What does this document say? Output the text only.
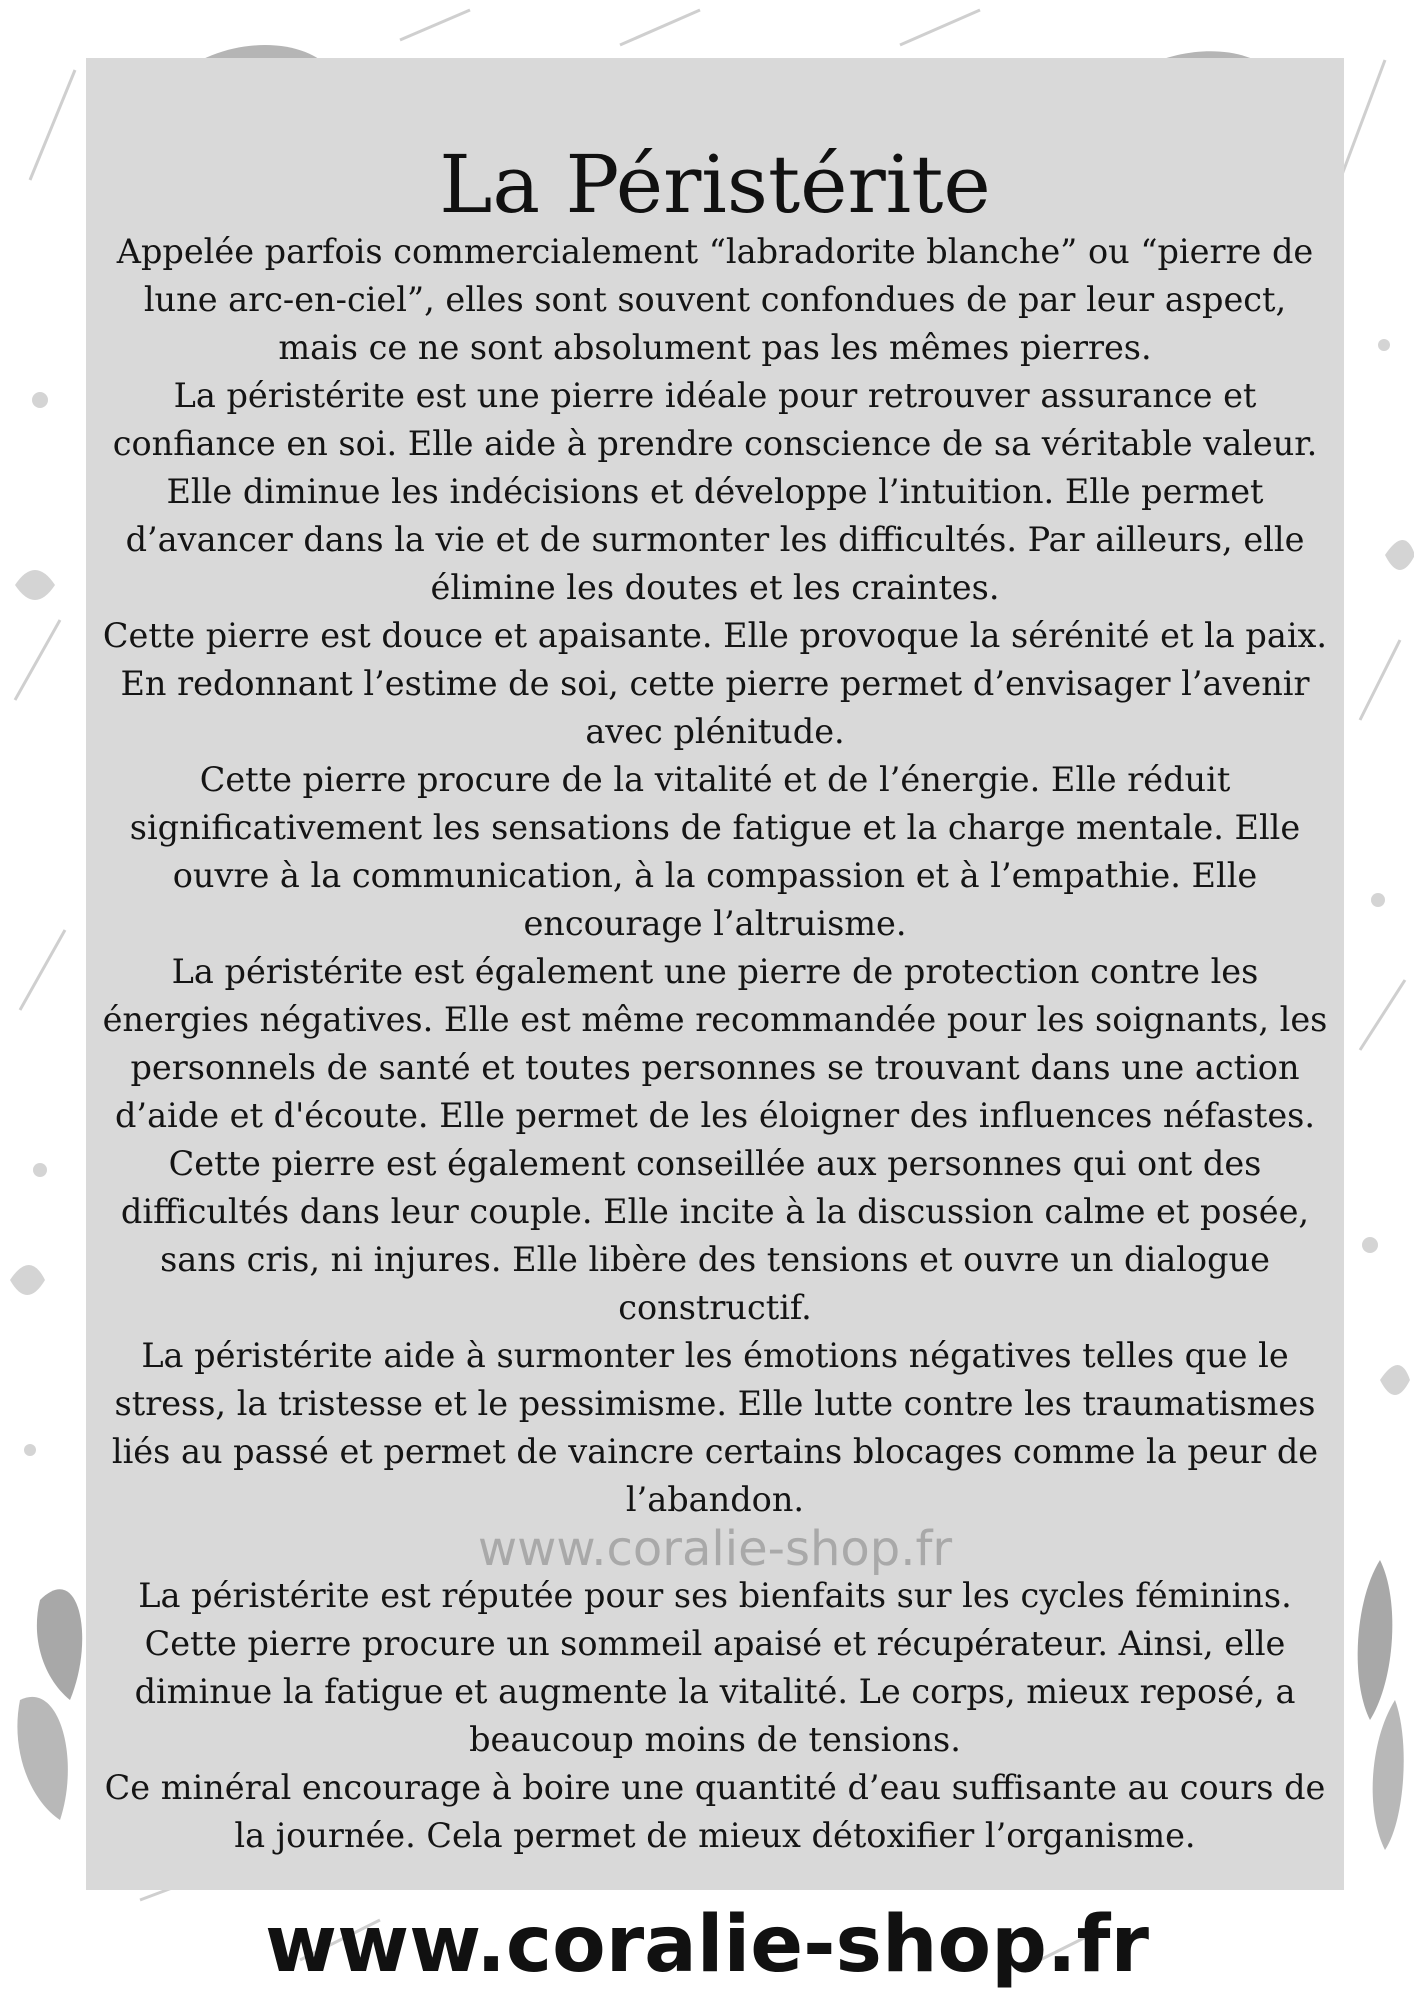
La Péristérite

Appelée parfois commercialement “labradorite blanche” ou “pierre de

lune arc-en-ciel”, elles sont souvent confondues de par leur aspect,

mais ce ne sont absolument pas les mêmes pierres.

La péristérite est une pierre idéale pour retrouver assurance et

confiance en soi. Elle aide à prendre conscience de sa véritable valeur.

Elle diminue les indécisions et développe l’intuition. Elle permet

d’avancer dans la vie et de surmonter les difficultés. Par ailleurs, elle

élimine les doutes et les craintes.

Cette pierre est douce et apaisante. Elle provoque la sérénité et la paix.

En redonnant l’estime de soi, cette pierre permet d’envisager l’avenir

avec plénitude.

Cette pierre procure de la vitalité et de l’énergie. Elle réduit

significativement les sensations de fatigue et la charge mentale. Elle

ouvre à la communication, à la compassion et à l’empathie. Elle

encourage l’altruisme.

La péristérite est également une pierre de protection contre les

énergies négatives. Elle est même recommandée pour les soignants, les

personnels de santé et toutes personnes se trouvant dans une action

d’aide et d'écoute. Elle permet de les éloigner des influences néfastes.

Cette pierre est également conseillée aux personnes qui ont des

difficultés dans leur couple. Elle incite à la discussion calme et posée,

sans cris, ni injures. Elle libère des tensions et ouvre un dialogue

constructif.

La péristérite aide à surmonter les émotions négatives telles que le

stress, la tristesse et le pessimisme. Elle lutte contre les traumatismes

liés au passé et permet de vaincre certains blocages comme la peur de

l’abandon.

La péristérite est réputée pour ses bienfaits sur les cycles féminins.

Cette pierre procure un sommeil apaisé et récupérateur. Ainsi, elle

diminue la fatigue et augmente la vitalité. Le corps, mieux reposé, a

beaucoup moins de tensions.

Ce minéral encourage à boire une quantité d’eau suffisante au cours de

la journée. Cela permet de mieux détoxifier l’organisme.

www.coralie-shop.fr
www.coralie-shop.fr
